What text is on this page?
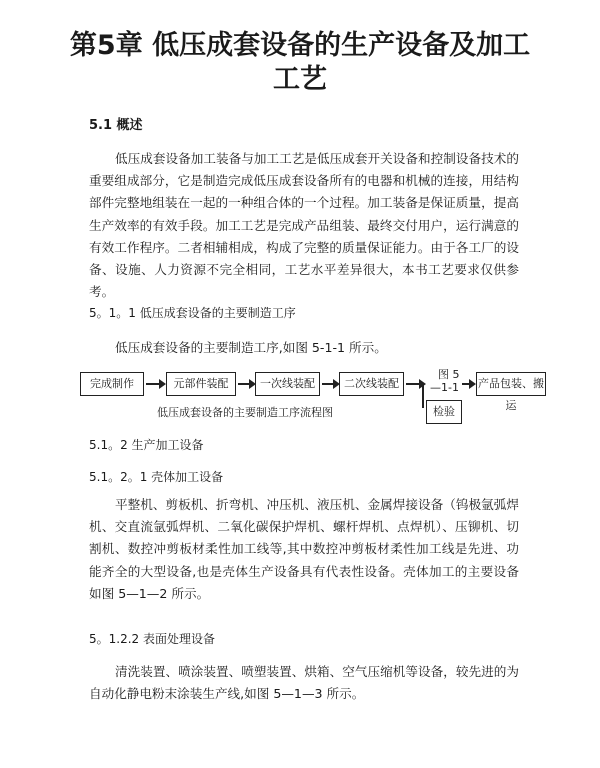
第5章 低压成套设备的生产设备及加工
工艺
5.1 概述
低压成套设备加工装备与加工工艺是低压成套开关设备和控制设备技术的重要组成部分，它是制造完成低压成套设备所有的电器和机械的连接，用结构部件完整地组装在一起的一种组合体的一个过程。加工装备是保证质量，提高生产效率的有效手段。加工工艺是完成产品组装、最终交付用户，运行满意的有效工作程序。二者相辅相成，构成了完整的质量保证能力。由于各工厂的设备、设施、人力资源不完全相同，工艺水平差异很大，本书工艺要求仅供参考。
5。1。1 低压成套设备的主要制造工序
低压成套设备的主要制造工序,如图 5-1-1 所示。
完成制作	元部件装配	一次线装配	二次线装配
图 5
—1-1 产品包装、搬运
检验
低压成套设备的主要制造工序流程图
5.1。2 生产加工设备
5.1。2。1 壳体加工设备
平整机、剪板机、折弯机、冲压机、液压机、金属焊接设备（钨极氩弧焊机、交直流氩弧焊机、二氧化碳保护焊机、螺杆焊机、点焊机）、压铆机、切割机、数控冲剪板材柔性加工线等,其中数控冲剪板材柔性加工线是先进、功能齐全的大型设备,也是壳体生产设备具有代表性设备。壳体加工的主要设备如图 5—1—2 所示。
5。1.2.2 表面处理设备
清洗装置、喷涂装置、喷塑装置、烘箱、空气压缩机等设备，较先进的为自动化静电粉末涂装生产线,如图 5—1—3 所示。
